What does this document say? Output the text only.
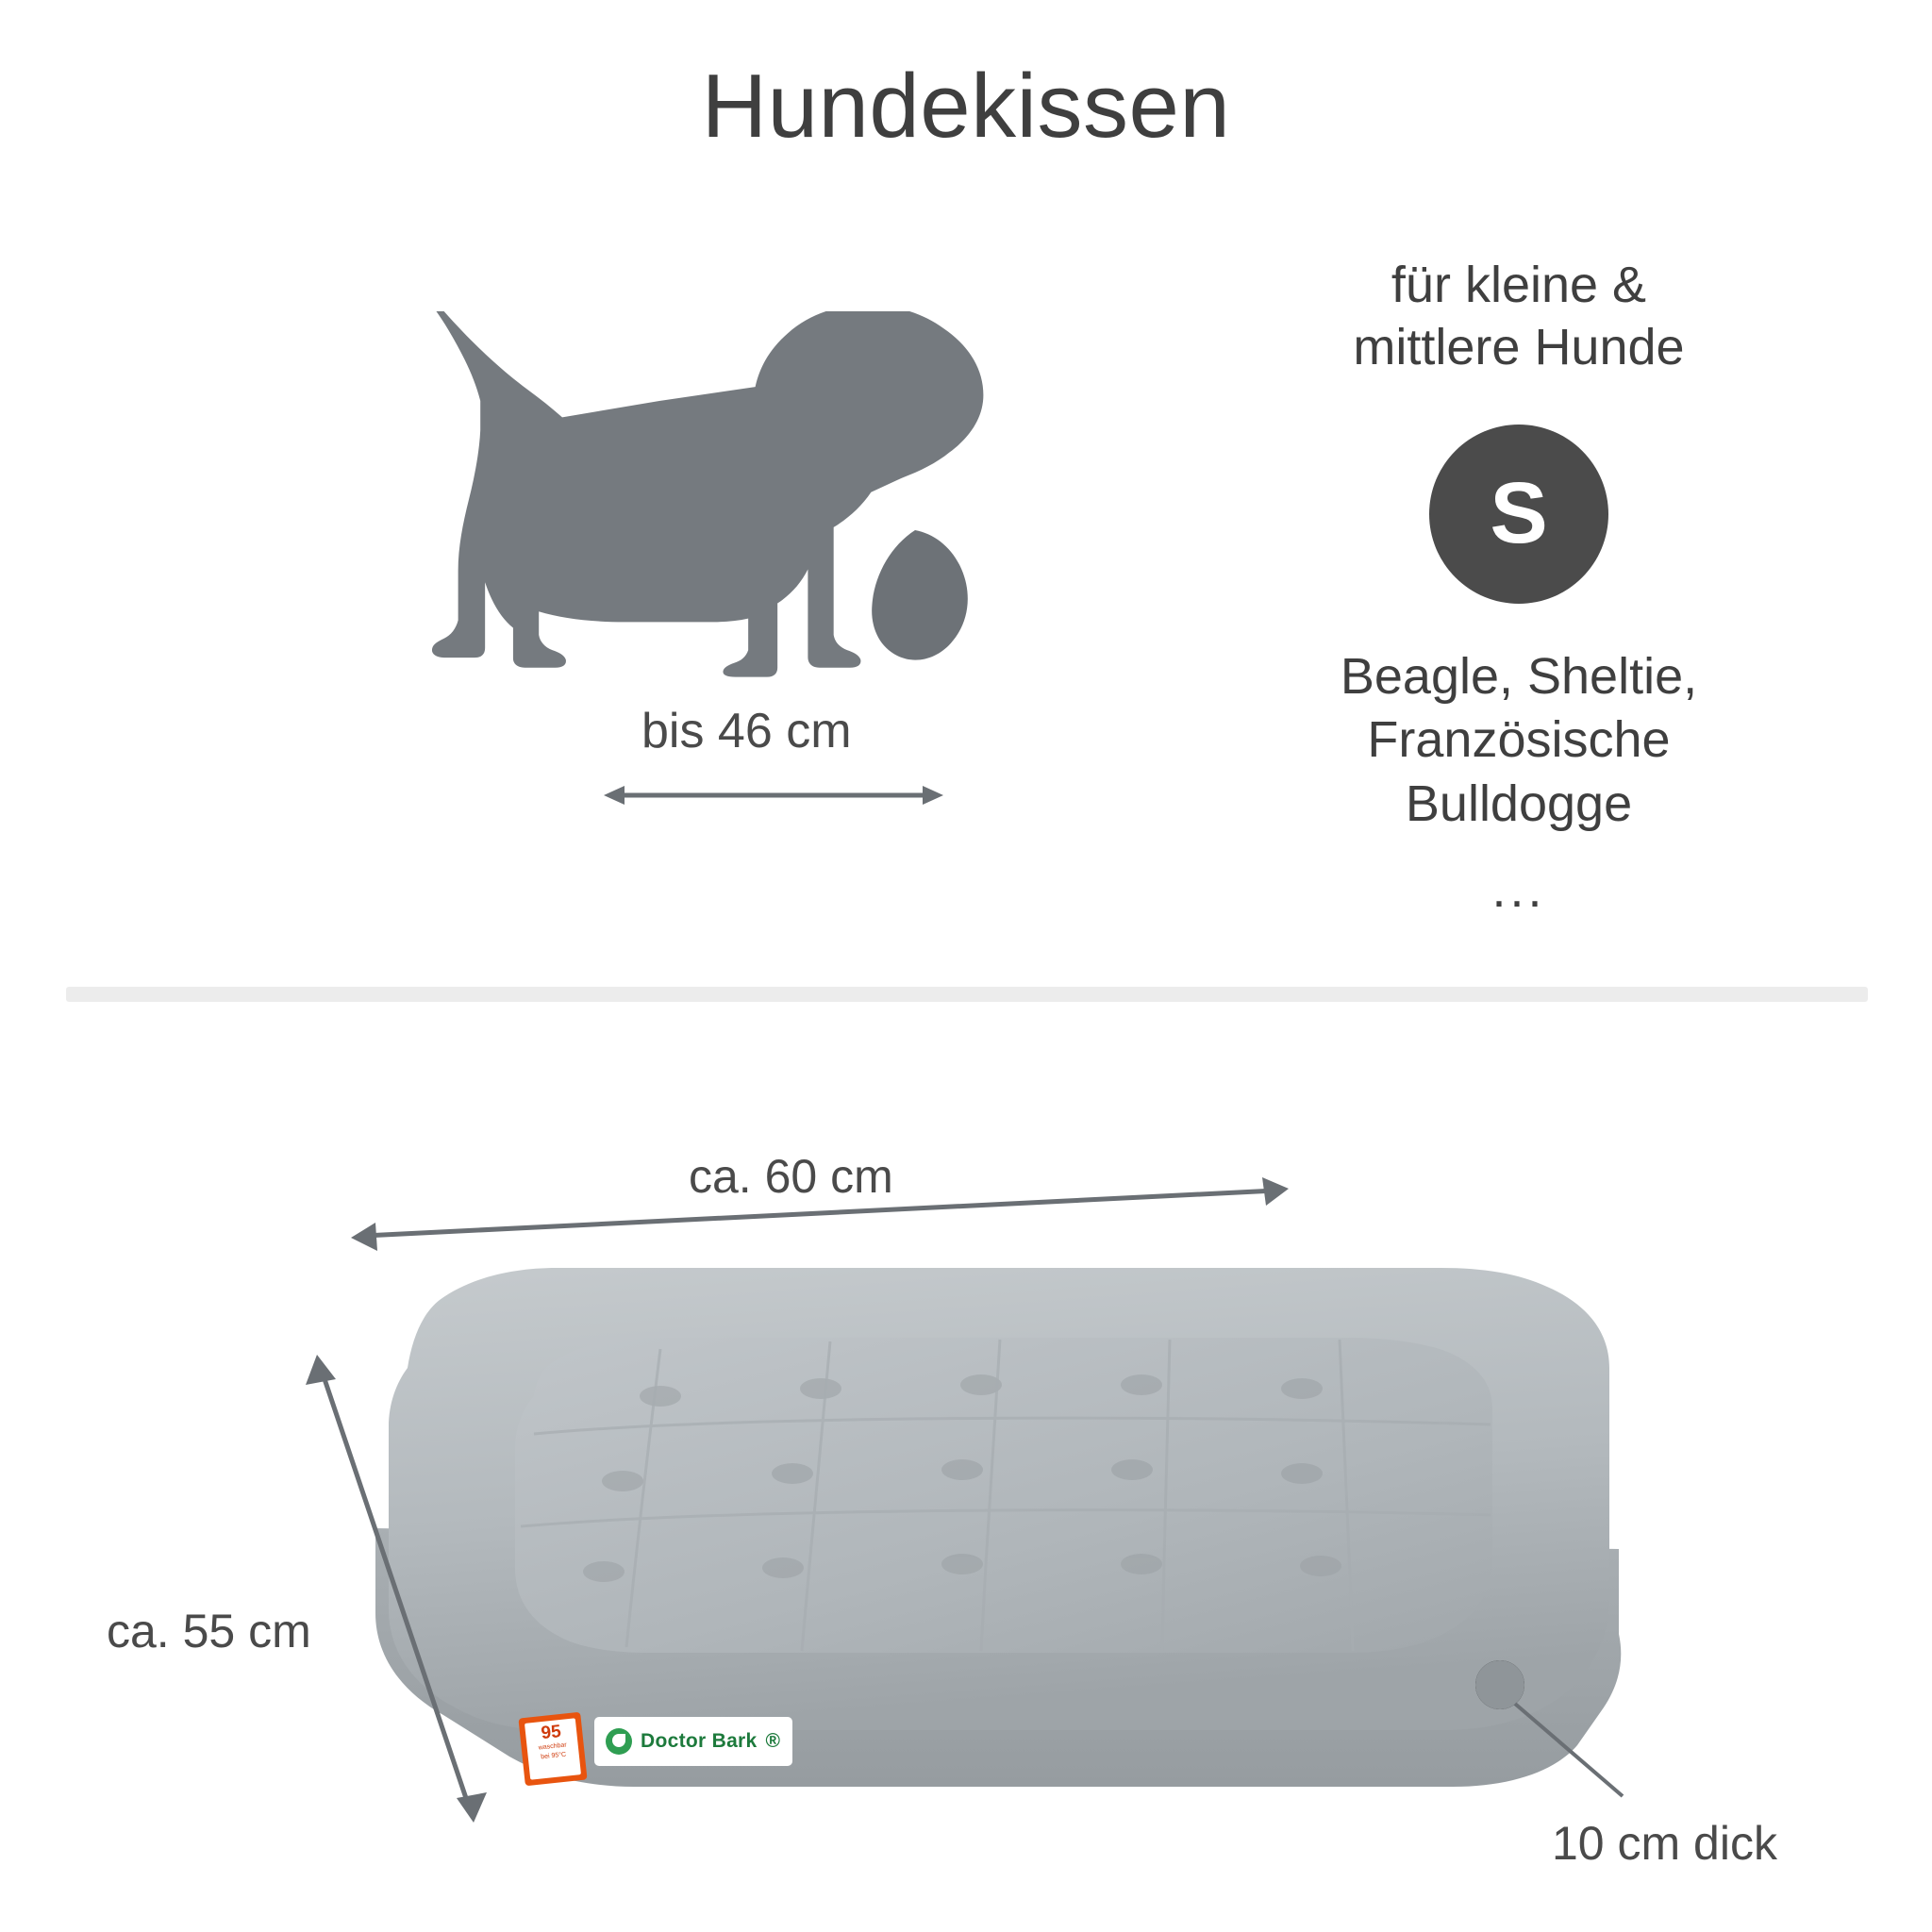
Hundekissen
bis 46 cm
für kleine &
mittlere Hunde
S
Beagle, Sheltie,
Französische
Bulldogge
...
ca. 60 cm
ca. 55 cm
10 cm dick
95
waschbar
bei 95°C
Doctor Bark ®
